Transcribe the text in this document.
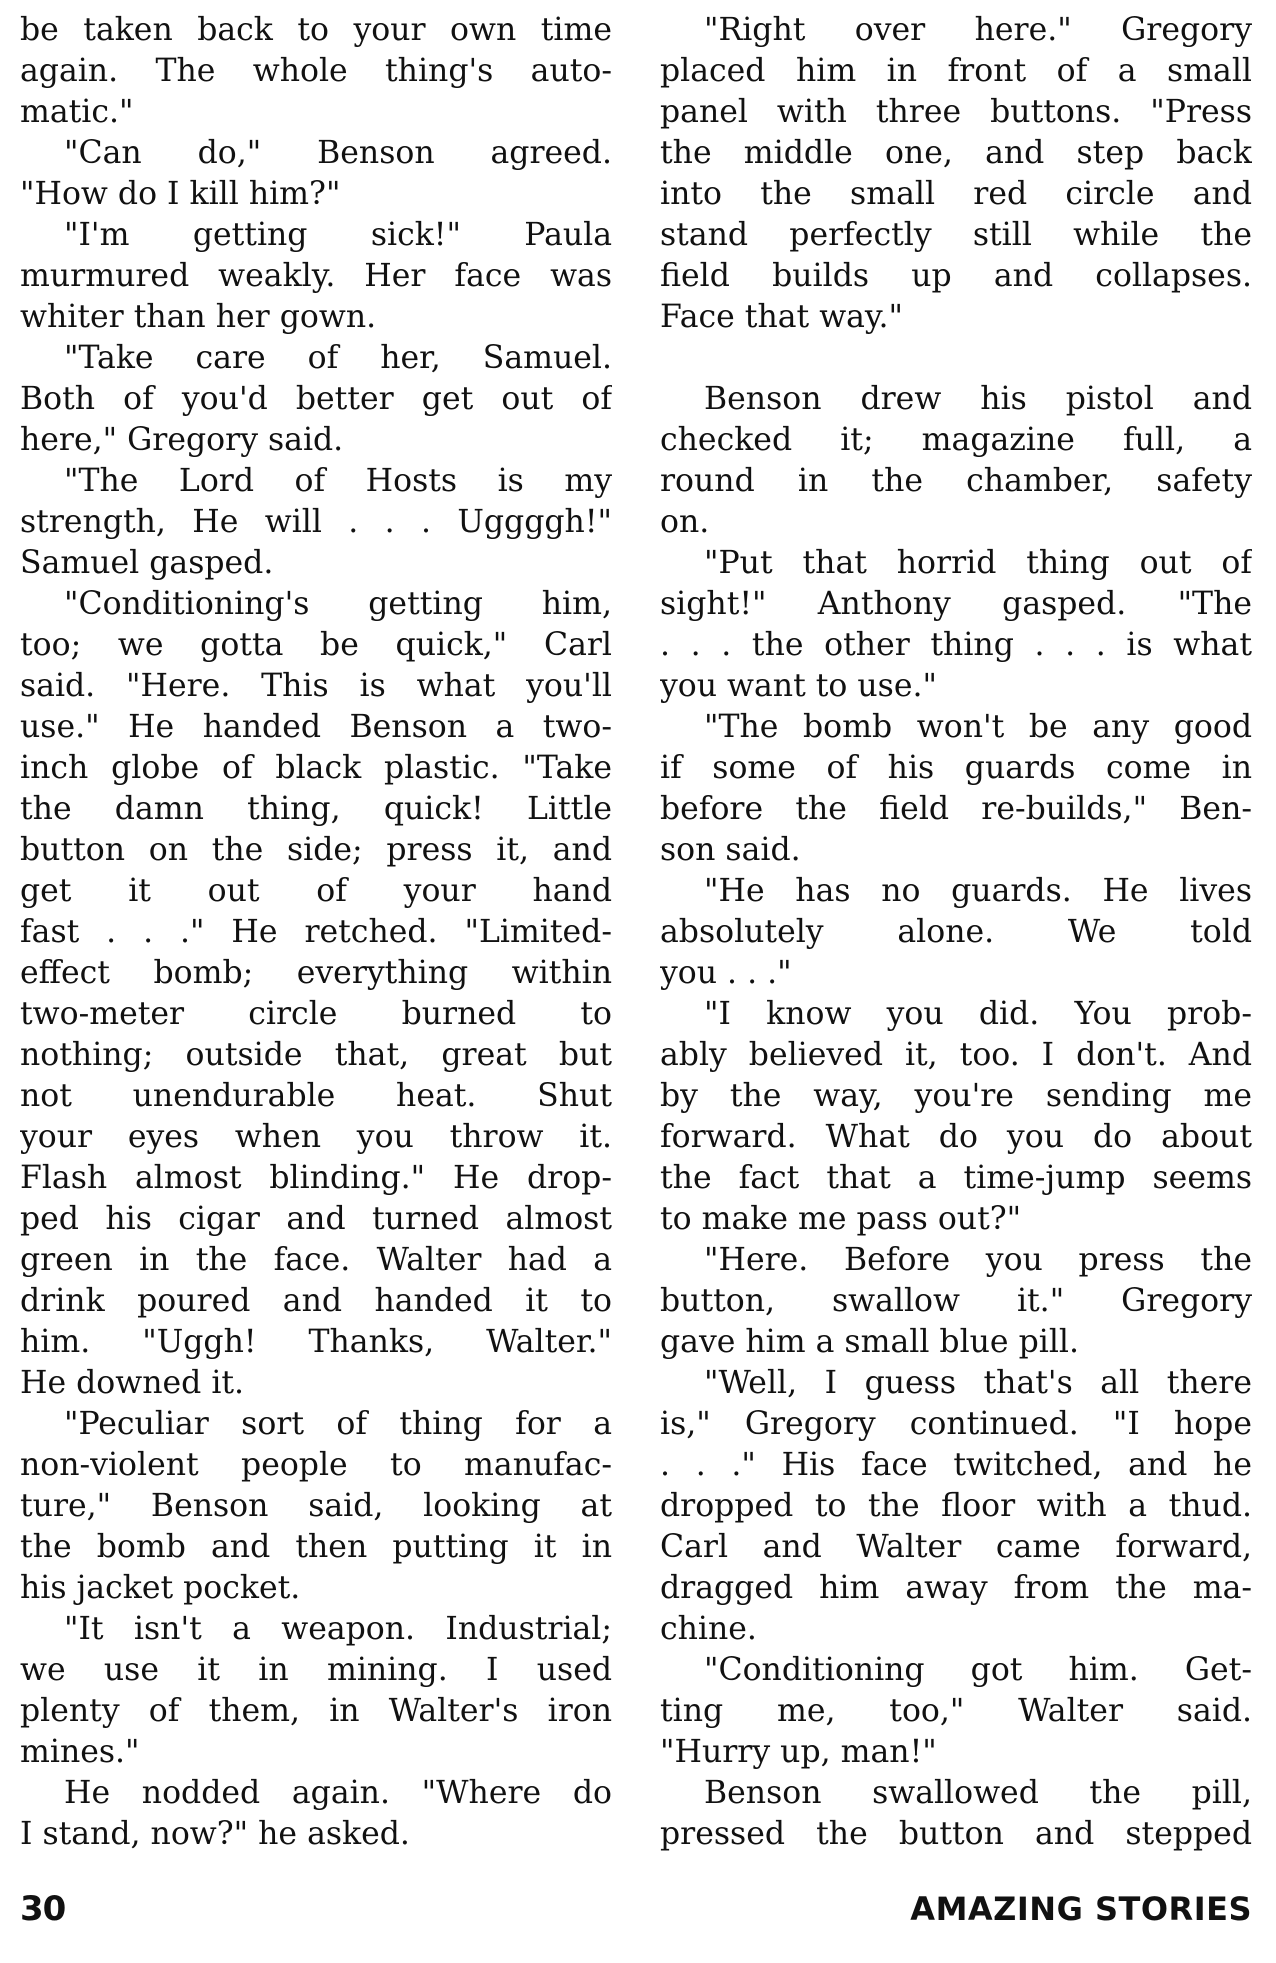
be taken back to your own time
again. The whole thing's auto-
matic."
"Can do," Benson agreed.
"How do I kill him?"
"I'm getting sick!" Paula
murmured weakly. Her face was
whiter than her gown.
"Take care of her, Samuel.
Both of you'd better get out of
here," Gregory said.
"The Lord of Hosts is my
strength, He will . . . Uggggh!"
Samuel gasped.
"Conditioning's getting him,
too; we gotta be quick," Carl
said. "Here. This is what you'll
use." He handed Benson a two-
inch globe of black plastic. "Take
the damn thing, quick! Little
button on the side; press it, and
get it out of your hand
fast . . ." He retched. "Limited-
effect bomb; everything within
two-meter circle burned to
nothing; outside that, great but
not unendurable heat. Shut
your eyes when you throw it.
Flash almost blinding." He drop-
ped his cigar and turned almost
green in the face. Walter had a
drink poured and handed it to
him. "Uggh! Thanks, Walter."
He downed it.
"Peculiar sort of thing for a
non-violent people to manufac-
ture," Benson said, looking at
the bomb and then putting it in
his jacket pocket.
"It isn't a weapon. Industrial;
we use it in mining. I used
plenty of them, in Walter's iron
mines."
He nodded again. "Where do
I stand, now?" he asked.
"Right over here." Gregory
placed him in front of a small
panel with three buttons. "Press
the middle one, and step back
into the small red circle and
stand perfectly still while the
field builds up and collapses.
Face that way."
Benson drew his pistol and
checked it; magazine full, a
round in the chamber, safety
on.
"Put that horrid thing out of
sight!" Anthony gasped. "The
. . . the other thing . . . is what
you want to use."
"The bomb won't be any good
if some of his guards come in
before the field re-builds," Ben-
son said.
"He has no guards. He lives
absolutely alone. We told
you . . ."
"I know you did. You prob-
ably believed it, too. I don't. And
by the way, you're sending me
forward. What do you do about
the fact that a time-jump seems
to make me pass out?"
"Here. Before you press the
button, swallow it." Gregory
gave him a small blue pill.
"Well, I guess that's all there
is," Gregory continued. "I hope
. . ." His face twitched, and he
dropped to the floor with a thud.
Carl and Walter came forward,
dragged him away from the ma-
chine.
"Conditioning got him. Get-
ting me, too," Walter said.
"Hurry up, man!"
Benson swallowed the pill,
pressed the button and stepped
30	AMAZING STORIES
